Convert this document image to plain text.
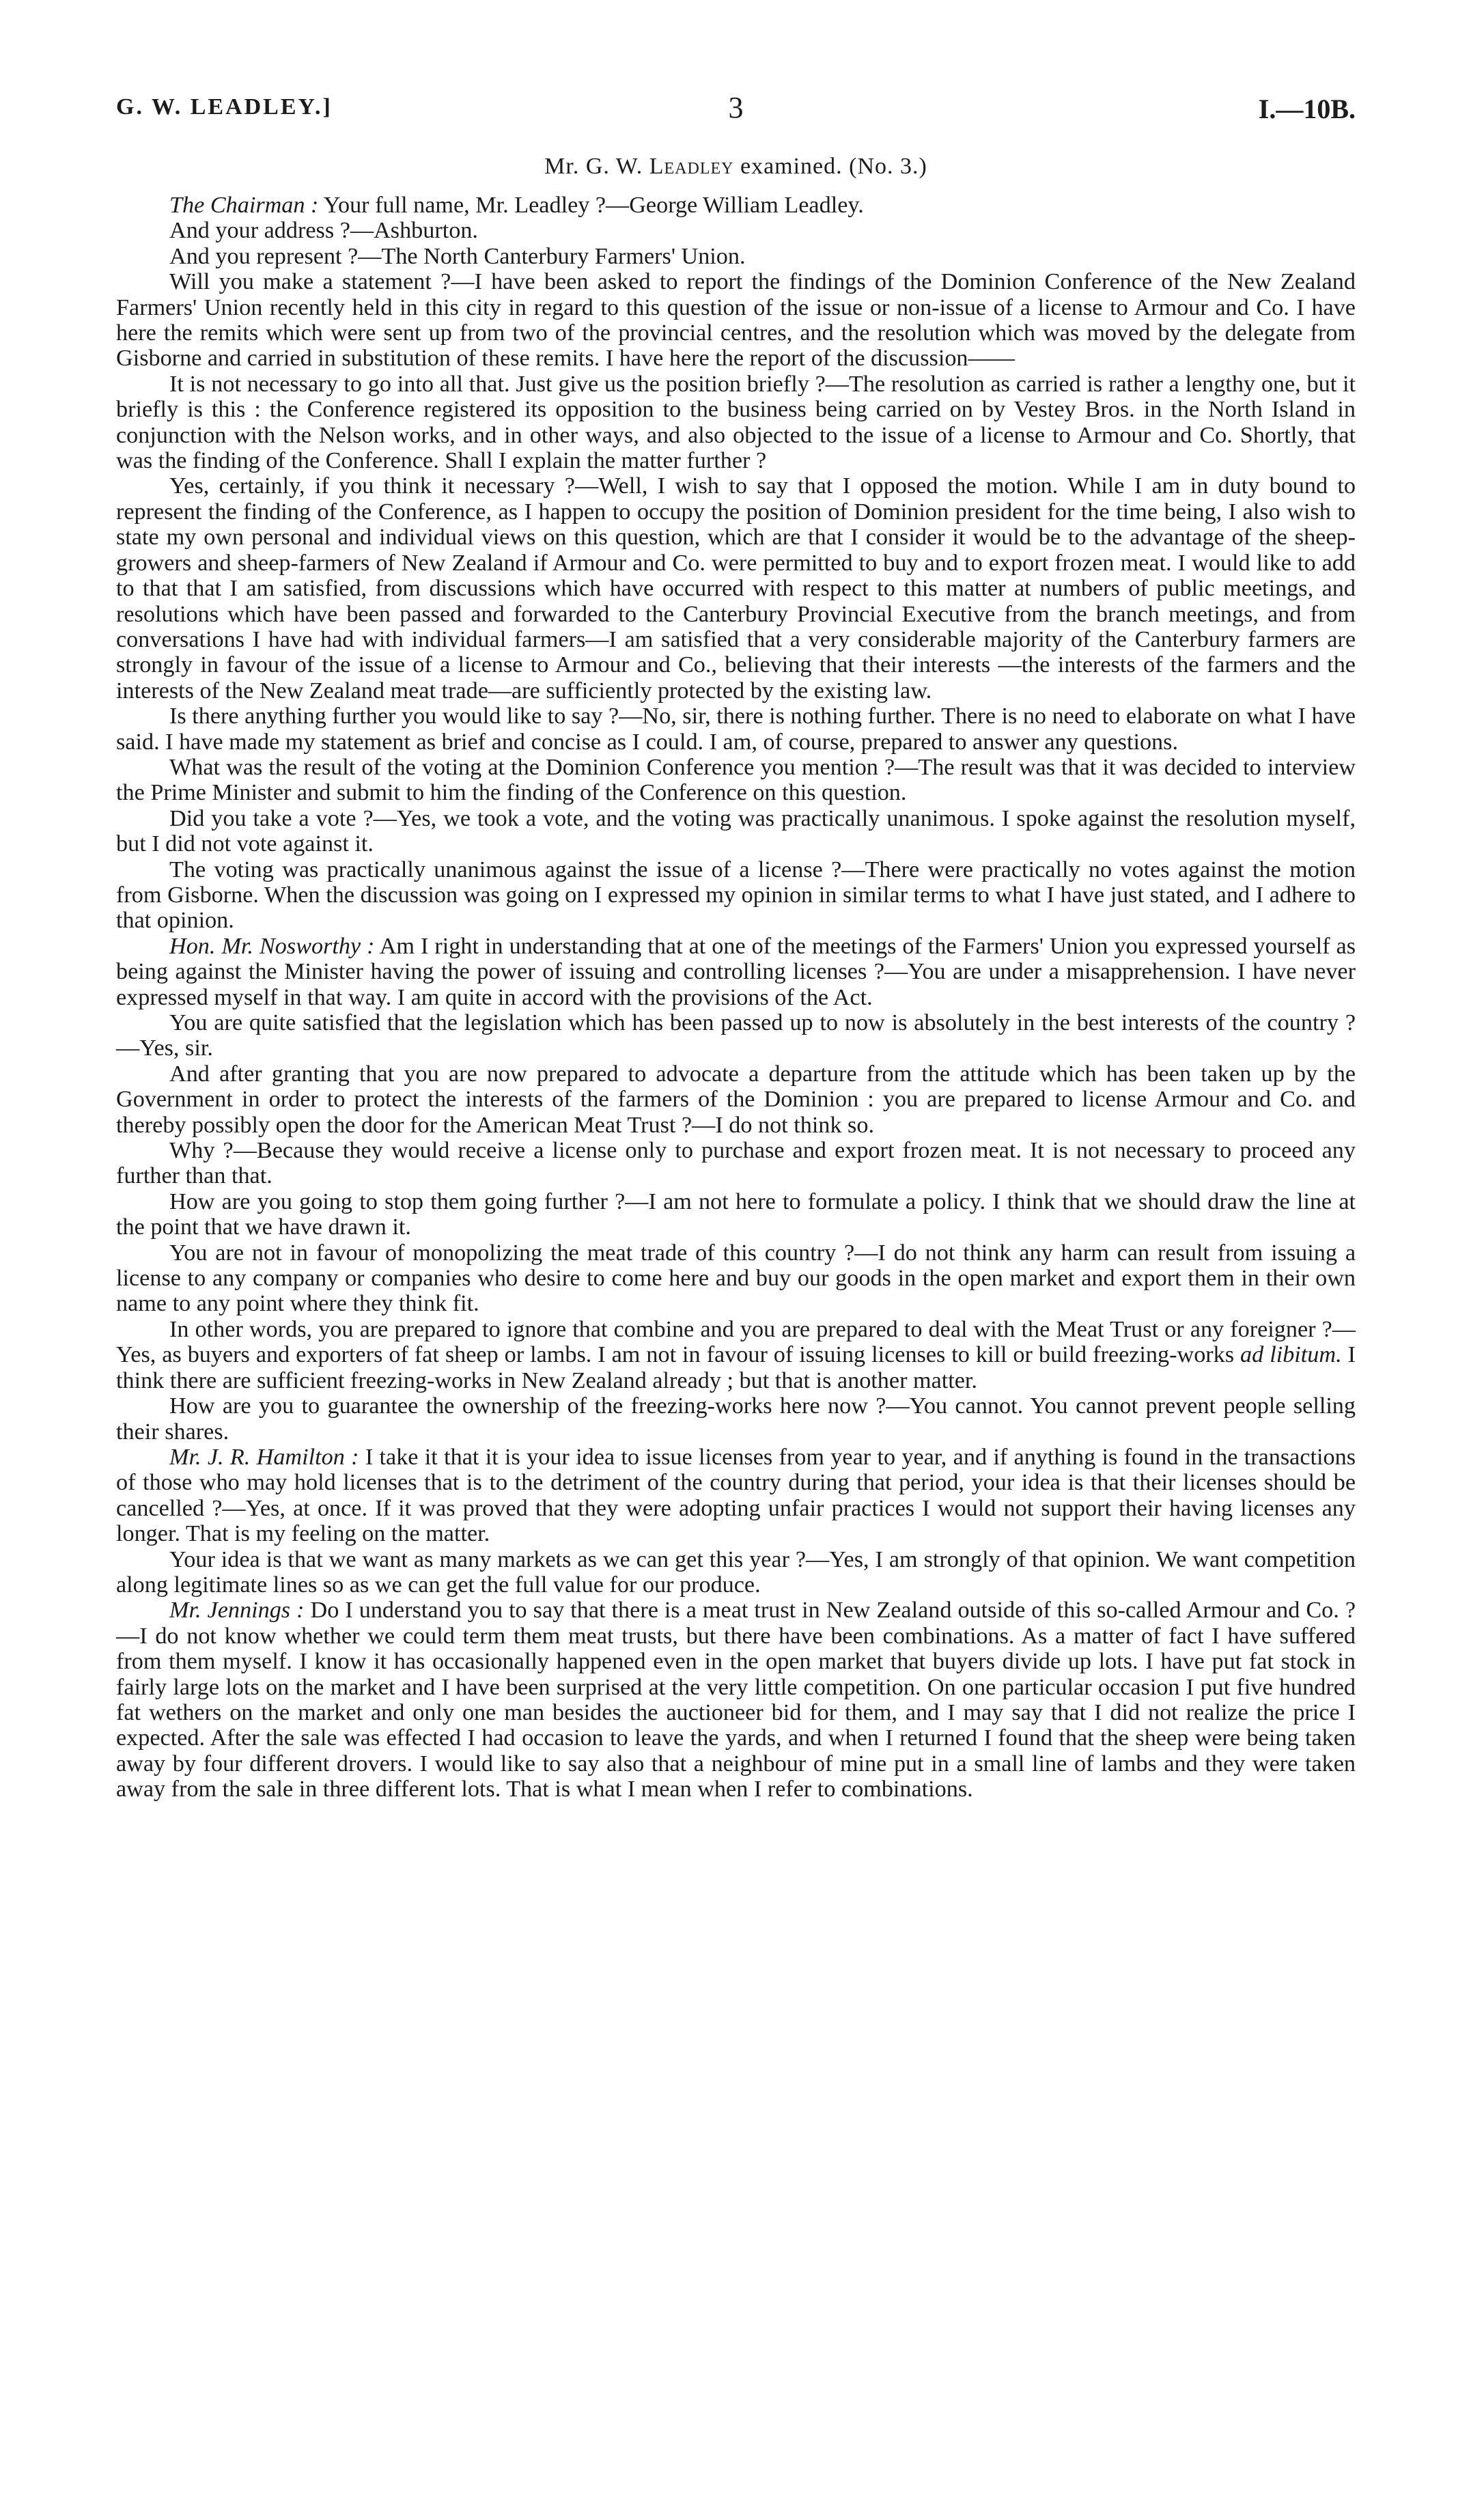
G. W. LEADLEY.]	3	I.—10B.
Mr. G. W. Leadley examined. (No. 3.)

The Chairman : Your full name, Mr. Leadley ?—George William Leadley.

And your address ?—Ashburton.

And you represent ?—The North Canterbury Farmers' Union.

Will you make a statement ?—I have been asked to report the findings of the Dominion Conference of the New Zealand Farmers' Union recently held in this city in regard to this question of the issue or non-issue of a license to Armour and Co. I have here the remits which were sent up from two of the provincial centres, and the resolution which was moved by the delegate from Gisborne and carried in substitution of these remits. I have here the report of the discussion——

It is not necessary to go into all that. Just give us the position briefly ?—The resolution as carried is rather a lengthy one, but it briefly is this : the Conference registered its opposition to the business being carried on by Vestey Bros. in the North Island in conjunction with the Nelson works, and in other ways, and also objected to the issue of a license to Armour and Co. Shortly, that was the finding of the Conference. Shall I explain the matter further ?

Yes, certainly, if you think it necessary ?—Well, I wish to say that I opposed the motion. While I am in duty bound to represent the finding of the Conference, as I happen to occupy the position of Dominion president for the time being, I also wish to state my own personal and individual views on this question, which are that I consider it would be to the advantage of the sheep-growers and sheep-farmers of New Zealand if Armour and Co. were permitted to buy and to export frozen meat. I would like to add to that that I am satisfied, from discussions which have occurred with respect to this matter at numbers of public meetings, and resolutions which have been passed and forwarded to the Canterbury Provincial Executive from the branch meetings, and from conversations I have had with individual farmers—I am satisfied that a very considerable majority of the Canterbury farmers are strongly in favour of the issue of a license to Armour and Co., believing that their interests —the interests of the farmers and the interests of the New Zealand meat trade—are sufficiently protected by the existing law.

Is there anything further you would like to say ?—No, sir, there is nothing further. There is no need to elaborate on what I have said. I have made my statement as brief and concise as I could. I am, of course, prepared to answer any questions.

What was the result of the voting at the Dominion Conference you mention ?—The result was that it was decided to interview the Prime Minister and submit to him the finding of the Conference on this question.

Did you take a vote ?—Yes, we took a vote, and the voting was practically unanimous. I spoke against the resolution myself, but I did not vote against it.

The voting was practically unanimous against the issue of a license ?—There were practically no votes against the motion from Gisborne. When the discussion was going on I expressed my opinion in similar terms to what I have just stated, and I adhere to that opinion.

Hon. Mr. Nosworthy : Am I right in understanding that at one of the meetings of the Farmers' Union you expressed yourself as being against the Minister having the power of issuing and controlling licenses ?—You are under a misapprehension. I have never expressed myself in that way. I am quite in accord with the provisions of the Act.

You are quite satisfied that the legislation which has been passed up to now is absolutely in the best interests of the country ?—Yes, sir.

And after granting that you are now prepared to advocate a departure from the attitude which has been taken up by the Government in order to protect the interests of the farmers of the Dominion : you are prepared to license Armour and Co. and thereby possibly open the door for the American Meat Trust ?—I do not think so.

Why ?—Because they would receive a license only to purchase and export frozen meat. It is not necessary to proceed any further than that.

How are you going to stop them going further ?—I am not here to formulate a policy. I think that we should draw the line at the point that we have drawn it.

You are not in favour of monopolizing the meat trade of this country ?—I do not think any harm can result from issuing a license to any company or companies who desire to come here and buy our goods in the open market and export them in their own name to any point where they think fit.

In other words, you are prepared to ignore that combine and you are prepared to deal with the Meat Trust or any foreigner ?—Yes, as buyers and exporters of fat sheep or lambs. I am not in favour of issuing licenses to kill or build freezing-works ad libitum. I think there are sufficient freezing-works in New Zealand already ; but that is another matter.

How are you to guarantee the ownership of the freezing-works here now ?—You cannot. You cannot prevent people selling their shares.

Mr. J. R. Hamilton : I take it that it is your idea to issue licenses from year to year, and if anything is found in the transactions of those who may hold licenses that is to the detriment of the country during that period, your idea is that their licenses should be cancelled ?—Yes, at once. If it was proved that they were adopting unfair practices I would not support their having licenses any longer. That is my feeling on the matter.

Your idea is that we want as many markets as we can get this year ?—Yes, I am strongly of that opinion. We want competition along legitimate lines so as we can get the full value for our produce.

Mr. Jennings : Do I understand you to say that there is a meat trust in New Zealand outside of this so-called Armour and Co. ?—I do not know whether we could term them meat trusts, but there have been combinations. As a matter of fact I have suffered from them myself. I know it has occasionally happened even in the open market that buyers divide up lots. I have put fat stock in fairly large lots on the market and I have been surprised at the very little competition. On one particular occasion I put five hundred fat wethers on the market and only one man besides the auctioneer bid for them, and I may say that I did not realize the price I expected. After the sale was effected I had occasion to leave the yards, and when I returned I found that the sheep were being taken away by four different drovers. I would like to say also that a neighbour of mine put in a small line of lambs and they were taken away from the sale in three different lots. That is what I mean when I refer to combinations.
